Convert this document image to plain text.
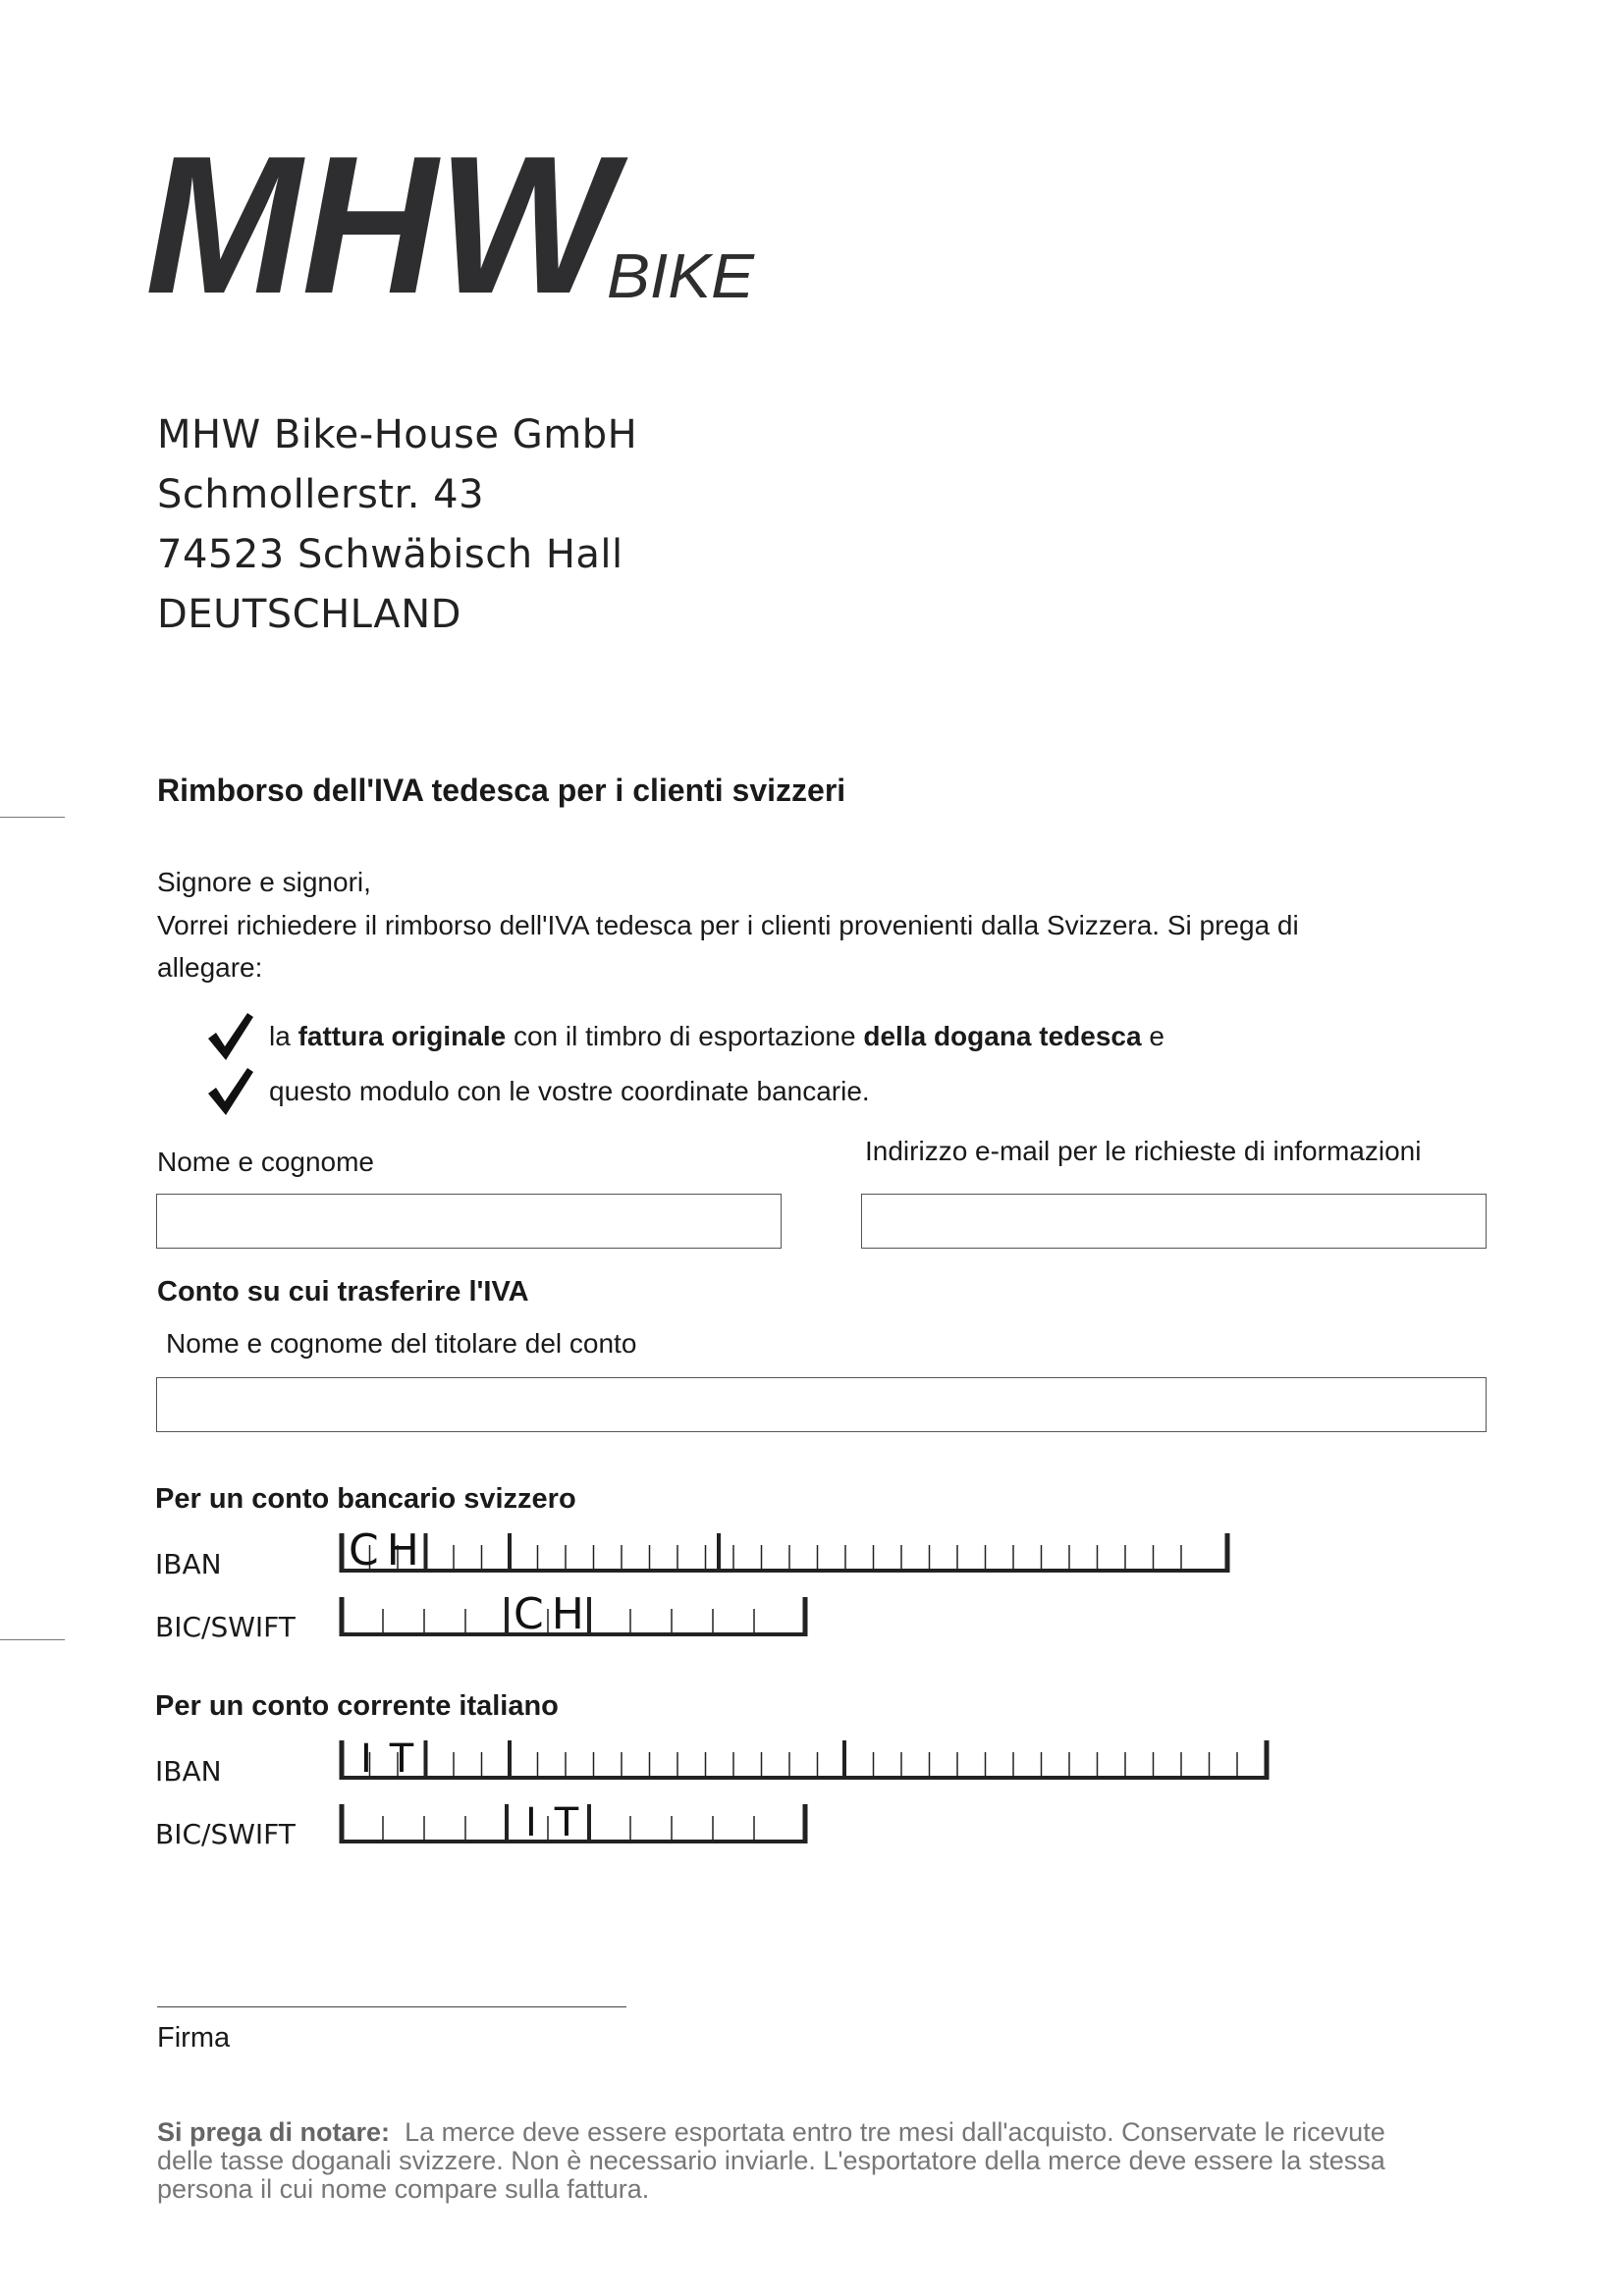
MHW
BIKE
MHW Bike-House GmbH
Schmollerstr. 43
74523 Schwäbisch Hall
DEUTSCHLAND
Rimborso dell'IVA tedesca per i clienti svizzeri
Signore e signori,
Vorrei richiedere il rimborso dell'IVA tedesca per i clienti provenienti dalla Svizzera. Si prega di
allegare:
la fattura originale con il timbro di esportazione della dogana tedesca e
questo modulo con le vostre coordinate bancarie.
Nome e cognome	Indirizzo e-mail per le richieste di informazioni
Conto su cui trasferire l'IVA
Nome e cognome del titolare del conto
Per un conto bancario svizzero
IBAN
BIC/SWIFT
CH
CH
Per un conto corrente italiano
IBAN
BIC/SWIFT
IT
IT
Firma
Si prega di notare: La merce deve essere esportata entro tre mesi dall'acquisto. Conservate le ricevute
delle tasse doganali svizzere. Non è necessario inviarle. L'esportatore della merce deve essere la stessa
persona il cui nome compare sulla fattura.
